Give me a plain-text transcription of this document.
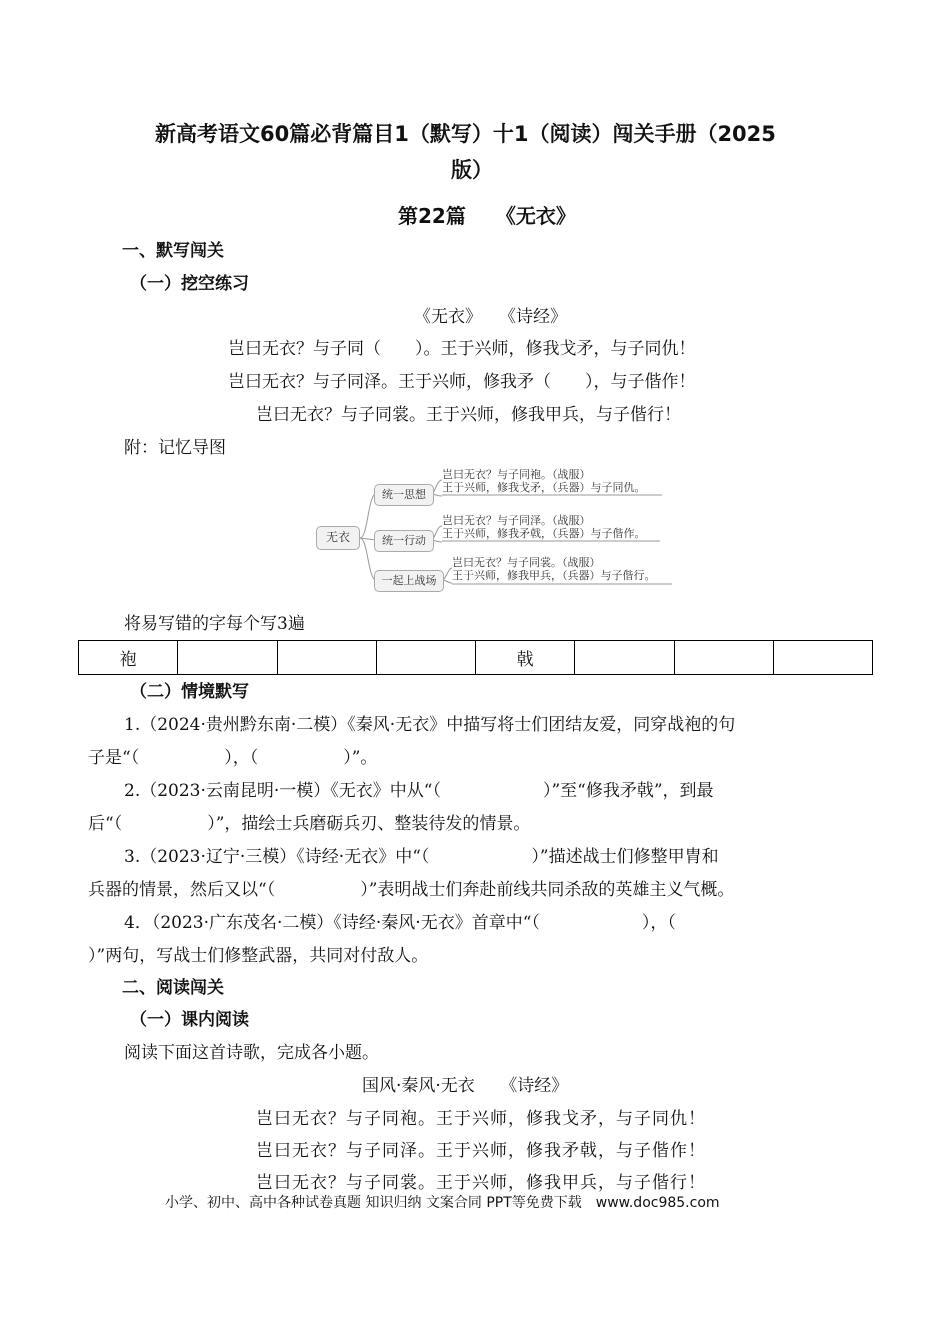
新高考语文60篇必背篇目1（默写）十1（阅读）闯关手册（2025
版）
第22篇　　《无衣》
一、默写闯关
（一）挖空练习
《无衣》　　《诗经》
岂曰无衣？与子同（　　）。王于兴师，修我戈矛，与子同仇！
岂曰无衣？与子同泽。王于兴师，修我矛（　　），与子偕作！
岂曰无衣？与子同裳。王于兴师，修我甲兵，与子偕行！
附：记忆导图
无衣
统一思想
统一行动
一起上战场
岂曰无衣？与子同袍。（战服）
王于兴师，修我戈矛，（兵器）与子同仇。
岂曰无衣？与子同泽。（战服）
王于兴师，修我矛戟，（兵器）与子偕作。
岂曰无衣？与子同裳。（战服）
王于兴师，修我甲兵，（兵器）与子偕行。
将易写错的字每个写3遍
袍				戟			
（二）情境默写
1.（2024·贵州黔东南·二模）《秦风·无衣》中描写将士们团结友爱，同穿战袍的句
子是“（　　　　　），（　　　　　）”。
2.（2023·云南昆明·一模）《无衣》中从“（　　　　　　）”至“修我矛戟”，到最
后“（　　　　　）”，描绘士兵磨砺兵刃、整装待发的情景。
3.（2023·辽宁·三模）《诗经·无衣》中“（　　　　　　）”描述战士们修整甲胄和
兵器的情景，然后又以“（　　　　　）”表明战士们奔赴前线共同杀敌的英雄主义气概。
4．（2023·广东茂名·二模）《诗经·秦风·无衣》首章中“（　　　　　　），（
）”两句，写战士们修整武器，共同对付敌人。
二、阅读闯关
（一）课内阅读
阅读下面这首诗歌，完成各小题。
国风·秦风·无衣　　《诗经》
岂曰无衣？与子同袍。王于兴师，修我戈矛，与子同仇！
岂曰无衣？与子同泽。王于兴师，修我矛戟，与子偕作！
岂曰无衣？与子同裳。王于兴师，修我甲兵，与子偕行！
小学、初中、高中各种试卷真题 知识归纳 文案合同 PPT等免费下载　www.doc985.com
